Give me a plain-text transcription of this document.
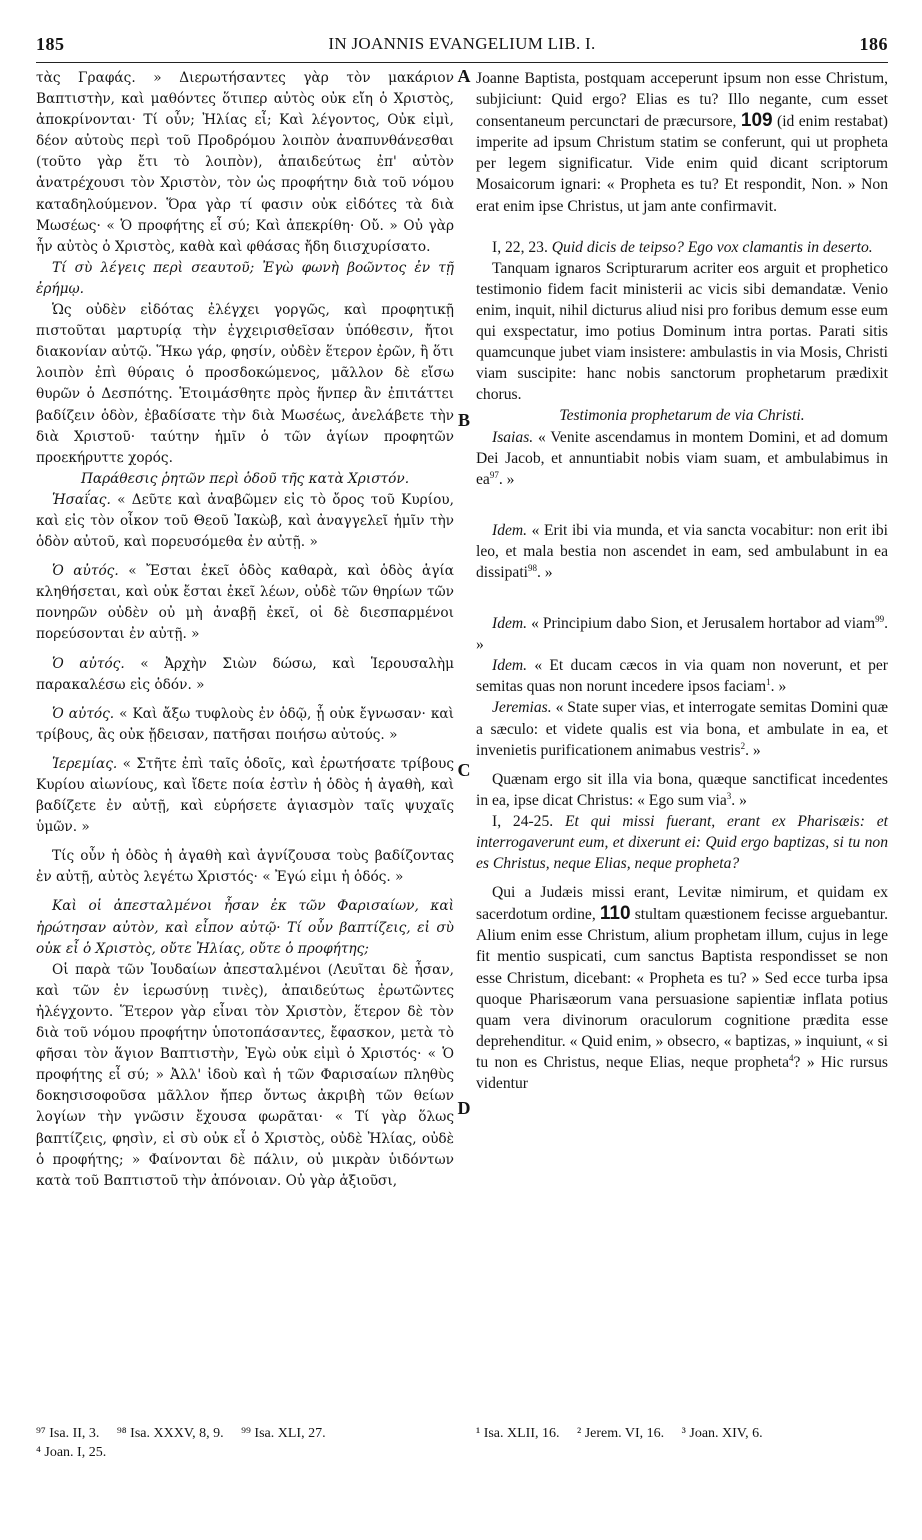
185	IN JOANNIS EVANGELIUM LIB. I.	186
A
B
C
D

τὰς Γραφάς. » Διερωτήσαντες γὰρ τὸν μακάριον Βαπτιστὴν, καὶ μαθόντες ὅτιπερ αὐτὸς οὐκ εἴη ὁ Χριστὸς, ἀποκρίνονται· Τί οὖν; Ἠλίας εἶ; Καὶ λέγοντος, Οὐκ εἰμὶ, δέον αὐτοὺς περὶ τοῦ Προδρόμου λοιπὸν ἀναπυνθάνεσθαι (τοῦτο γὰρ ἔτι τὸ λοιπὸν), ἀπαιδεύτως ἐπ' αὐτὸν ἀνατρέχουσι τὸν Χριστὸν, τὸν ὡς προφήτην διὰ τοῦ νόμου καταδηλούμενον. Ὅρα γὰρ τί φασιν οὐκ εἰδότες τὰ διὰ Μωσέως· « Ὁ προφήτης εἶ σύ; Καὶ ἀπεκρίθη· Οὔ. » Οὐ γὰρ ἦν αὐτὸς ὁ Χριστὸς, καθὰ καὶ φθάσας ἤδη διισχυρίσατο.

Τί σὺ λέγεις περὶ σεαυτοῦ; Ἐγὼ φωνὴ βοῶντος ἐν τῇ ἐρήμῳ.

Ὡς οὐδὲν εἰδότας ἐλέγχει γοργῶς, καὶ προφητικῇ πιστοῦται μαρτυρίᾳ τὴν ἐγχειρισθεῖσαν ὑπόθεσιν, ἤτοι διακονίαν αὐτῷ. Ἥκω γάρ, φησίν, οὐδὲν ἕτερον ἐρῶν, ἢ ὅτι λοιπὸν ἐπὶ θύραις ὁ προσδοκώμενος, μᾶλλον δὲ εἴσω θυρῶν ὁ Δεσπότης. Ἑτοιμάσθητε πρὸς ἥνπερ ἂν ἐπιτάττει βαδίζειν ὁδὸν, ἐβαδίσατε τὴν διὰ Μωσέως, ἀνελάβετε τὴν διὰ Χριστοῦ· ταύτην ἡμῖν ὁ τῶν ἁγίων προφητῶν προεκήρυττε χορός.

Παράθεσις ῥητῶν περὶ ὁδοῦ τῆς κατὰ Χριστόν.

Ἡσαΐας. « Δεῦτε καὶ ἀναβῶμεν εἰς τὸ ὄρος τοῦ Κυρίου, καὶ εἰς τὸν οἶκον τοῦ Θεοῦ Ἰακὼβ, καὶ ἀναγγελεῖ ἡμῖν τὴν ὁδὸν αὐτοῦ, καὶ πορευσόμεθα ἐν αὐτῇ. »

Ὁ αὐτός. « Ἔσται ἐκεῖ ὁδὸς καθαρὰ, καὶ ὁδὸς ἁγία κληθήσεται, καὶ οὐκ ἔσται ἐκεῖ λέων, οὐδὲ τῶν θηρίων τῶν πονηρῶν οὐδὲν οὐ μὴ ἀναβῇ ἐκεῖ, οἱ δὲ διεσπαρμένοι πορεύσονται ἐν αὐτῇ. »

Ὁ αὐτός. « Ἀρχὴν Σιὼν δώσω, καὶ Ἱερουσαλὴμ παρακαλέσω εἰς ὁδόν. »

Ὁ αὐτός. « Καὶ ἄξω τυφλοὺς ἐν ὁδῷ, ᾗ οὐκ ἔγνωσαν· καὶ τρίβους, ἃς οὐκ ᾔδεισαν, πατῆσαι ποιήσω αὐτούς. »

Ἱερεμίας. « Στῆτε ἐπὶ ταῖς ὁδοῖς, καὶ ἐρωτήσατε τρίβους Κυρίου αἰωνίους, καὶ ἴδετε ποία ἐστὶν ἡ ὁδὸς ἡ ἀγαθὴ, καὶ βαδίζετε ἐν αὐτῇ, καὶ εὑρήσετε ἁγιασμὸν ταῖς ψυχαῖς ὑμῶν. »

Τίς οὖν ἡ ὁδὸς ἡ ἀγαθὴ καὶ ἁγνίζουσα τοὺς βαδίζοντας ἐν αὐτῇ, αὐτὸς λεγέτω Χριστός· « Ἐγώ εἰμι ἡ ὁδός. »

Καὶ οἱ ἀπεσταλμένοι ἦσαν ἐκ τῶν Φαρισαίων, καὶ ἠρώτησαν αὐτὸν, καὶ εἶπον αὐτῷ· Τί οὖν βαπτίζεις, εἰ σὺ οὐκ εἶ ὁ Χριστὸς, οὔτε Ἠλίας, οὔτε ὁ προφήτης;

Οἱ παρὰ τῶν Ἰουδαίων ἀπεσταλμένοι (Λευῖται δὲ ἦσαν, καὶ τῶν ἐν ἱερωσύνῃ τινὲς), ἀπαιδεύτως ἐρωτῶντες ἠλέγχοντο. Ἕτερον γὰρ εἶναι τὸν Χριστὸν, ἕτερον δὲ τὸν διὰ τοῦ νόμου προφήτην ὑποτοπάσαντες, ἔφασκον, μετὰ τὸ φῆσαι τὸν ἅγιον Βαπτιστὴν, Ἐγὼ οὐκ εἰμὶ ὁ Χριστός· « Ὁ προφήτης εἶ σύ; » Ἀλλ' ἰδοὺ καὶ ἡ τῶν Φαρισαίων πληθὺς δοκησισοφοῦσα μᾶλλον ἤπερ ὄντως ἀκριβὴ τῶν θείων λογίων τὴν γνῶσιν ἔχουσα φωρᾶται· « Τί γὰρ ὅλως βαπτίζεις, φησὶν, εἰ σὺ οὐκ εἶ ὁ Χριστὸς, οὐδὲ Ἠλίας, οὐδὲ ὁ προφήτης; » Φαίνονται δὲ πάλιν, οὐ μικρὰν ὑιδόντων κατὰ τοῦ Βαπτιστοῦ τὴν ἀπόνοιαν. Οὐ γὰρ ἀξιοῦσι,

Joanne Baptista, postquam acceperunt ipsum non esse Christum, subjiciunt: Quid ergo? Elias es tu? Illo negante, cum esset consentaneum percunctari de præcursore, 109 (id enim restabat) imperite ad ipsum Christum statim se conferunt, qui ut propheta per legem significatur. Vide enim quid dicant scriptorum Mosaicorum ignari: « Propheta es tu? Et respondit, Non. » Non erat enim ipse Christus, ut jam ante confirmavit.

I, 22, 23. Quid dicis de teipso? Ego vox clamantis in deserto.

Tanquam ignaros Scripturarum acriter eos arguit et prophetico testimonio fidem facit ministerii ac vicis sibi demandatæ. Venio enim, inquit, nihil dicturus aliud nisi pro foribus demum esse eum qui exspectatur, imo potius Dominum intra portas. Parati sitis quamcunque jubet viam insistere: ambulastis in via Mosis, Christi viam suscipite: hanc nobis sanctorum prophetarum prædixit chorus.

Testimonia prophetarum de via Christi.

Isaias. « Venite ascendamus in montem Domini, et ad domum Dei Jacob, et annuntiabit nobis viam suam, et ambulabimus in $ea^{97}$. »

Idem. « Erit ibi via munda, et via sancta vocabitur: non erit ibi leo, et mala bestia non ascendet in eam, sed ambulabunt in ea dissipati$^{98}$. »

Idem. « Principium dabo Sion, et Jerusalem hortabor ad viam$^{99}$. »

Idem. « Et ducam cæcos in via quam non noverunt, et per semitas quas non norunt incedere ipsos faciam$^1$. »

Jeremias. « State super vias, et interrogate semitas Domini quæ a sæculo: et videte qualis est via bona, et ambulate in ea, et invenietis purificationem animabus vestris$^2$. »

Quænam ergo sit illa via bona, quæque sanctificat incedentes in ea, ipse dicat Christus: « Ego sum via$^3$. »

I, 24-25. Et qui missi fuerant, erant ex Pharisæis: et interrogaverunt eum, et dixerunt ei: Quid ergo baptizas, si tu non es Christus, neque Elias, neque propheta?

Qui a Judæis missi erant, Levitæ nimirum, et quidam ex sacerdotum ordine, 110 stultam quæstionem fecisse arguebantur. Alium enim esse Christum, alium prophetam illum, cujus in lege fit mentio suspicati, cum sanctus Baptista respondisset se non esse Christum, dicebant: « Propheta es tu? » Sed ecce turba ipsa quoque Pharisæorum vana persuasione sapientiæ inflata potius quam vera divinorum oraculorum cognitione prædita esse deprehenditur. « Quid enim, » obsecro, « baptizas, » inquiunt, « si tu non es Christus, neque Elias, neque propheta$^4$? » Hic rursus videntur

⁹⁷ Isa. II, 3. ⁹⁸ Isa. XXXV, 8, 9. ⁹⁹ Isa. XLI, 27.
⁴ Joan. I, 25.
¹ Isa. XLII, 16. ² Jerem. VI, 16. ³ Joan. XIV, 6.
